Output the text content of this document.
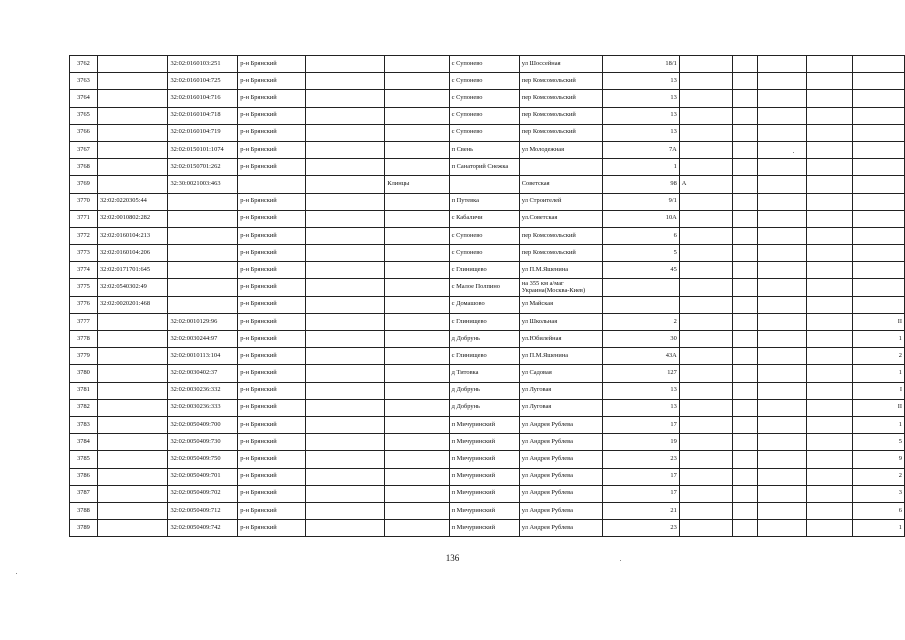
3762		32:02:0160103:251	р-н Брянский			с Супонево	ул Шоссейная	18/1					
3763		32:02:0160104:725	р-н Брянский			с Супонево	пер Комсомольский	13					
3764		32:02:0160104:716	р-н Брянский			с Супонево	пер Комсомольский	13					
3765		32:02:0160104:718	р-н Брянский			с Супонево	пер Комсомольский	13					
3766		32:02:0160104:719	р-н Брянский			с Супонево	пер Комсомольский	13					
3767		32:02:0150101:1074	р-н Брянский			п Свень	ул Молодежная	7А					
3768		32:02:0150701:262	р-н Брянский			п Санаторий Снежка		1					
3769		32:30:0021003:463			Клинцы		Советская	98	А				
3770	32:02:0220305:44		р-н Брянский			п Путевка	ул Строителей	9/1					
3771	32:02:0010802:282		р-н Брянский			с Кабаличи	ул.Советская	10А					
3772	32:02:0160104:213		р-н Брянский			с Супонево	пер Комсомольский	6					
3773	32:02:0160104:206		р-н Брянский			с Супонево	пер Комсомольский	5					
3774	32:02:0171701:645		р-н Брянский			с Глинищево	ул П.М.Яшенина	45					
3775	32:02:0540302:49		р-н Брянский			с Малое Полпино	на 355 км а/маг Украина(Москва-Киев)						
3776	32:02:0020201:468		р-н Брянский			с Домашово	ул Майская						
3777		32:02:0010129:96	р-н Брянский			с Глинищево	ул Школьная	2					II
3778		32:02:0030244:97	р-н Брянский			д Добрунь	ул.Юбилейная	30					1
3779		32:02:0010113:104	р-н Брянский			с Глинищево	ул П.М.Яшенина	43А					2
3780		32:02:0030402:37	р-н Брянский			д Титовка	ул Садовая	127					1
3781		32:02:0030236:332	р-н Брянский			д Добрунь	ул Луговая	13					I
3782		32:02:0030236:333	р-н Брянский			д Добрунь	ул Луговая	13					II
3783		32:02:0050409:700	р-н Брянский			п Мичуринский	ул Андрея Рублева	17					1
3784		32:02:0050409:730	р-н Брянский			п Мичуринский	ул Андрея Рублева	19					5
3785		32:02:0050409:750	р-н Брянский			п Мичуринский	ул Андрея Рублева	23					9
3786		32:02:0050409:701	р-н Брянский			п Мичуринский	ул Андрея Рублева	17					2
3787		32:02:0050409:702	р-н Брянский			п Мичуринский	ул Андрея Рублева	17					3
3788		32:02:0050409:712	р-н Брянский			п Мичуринский	ул Андрея Рублева	21					6
3789		32:02:0050409:742	р-н Брянский			п Мичуринский	ул Андрея Рублева	23					1
136
